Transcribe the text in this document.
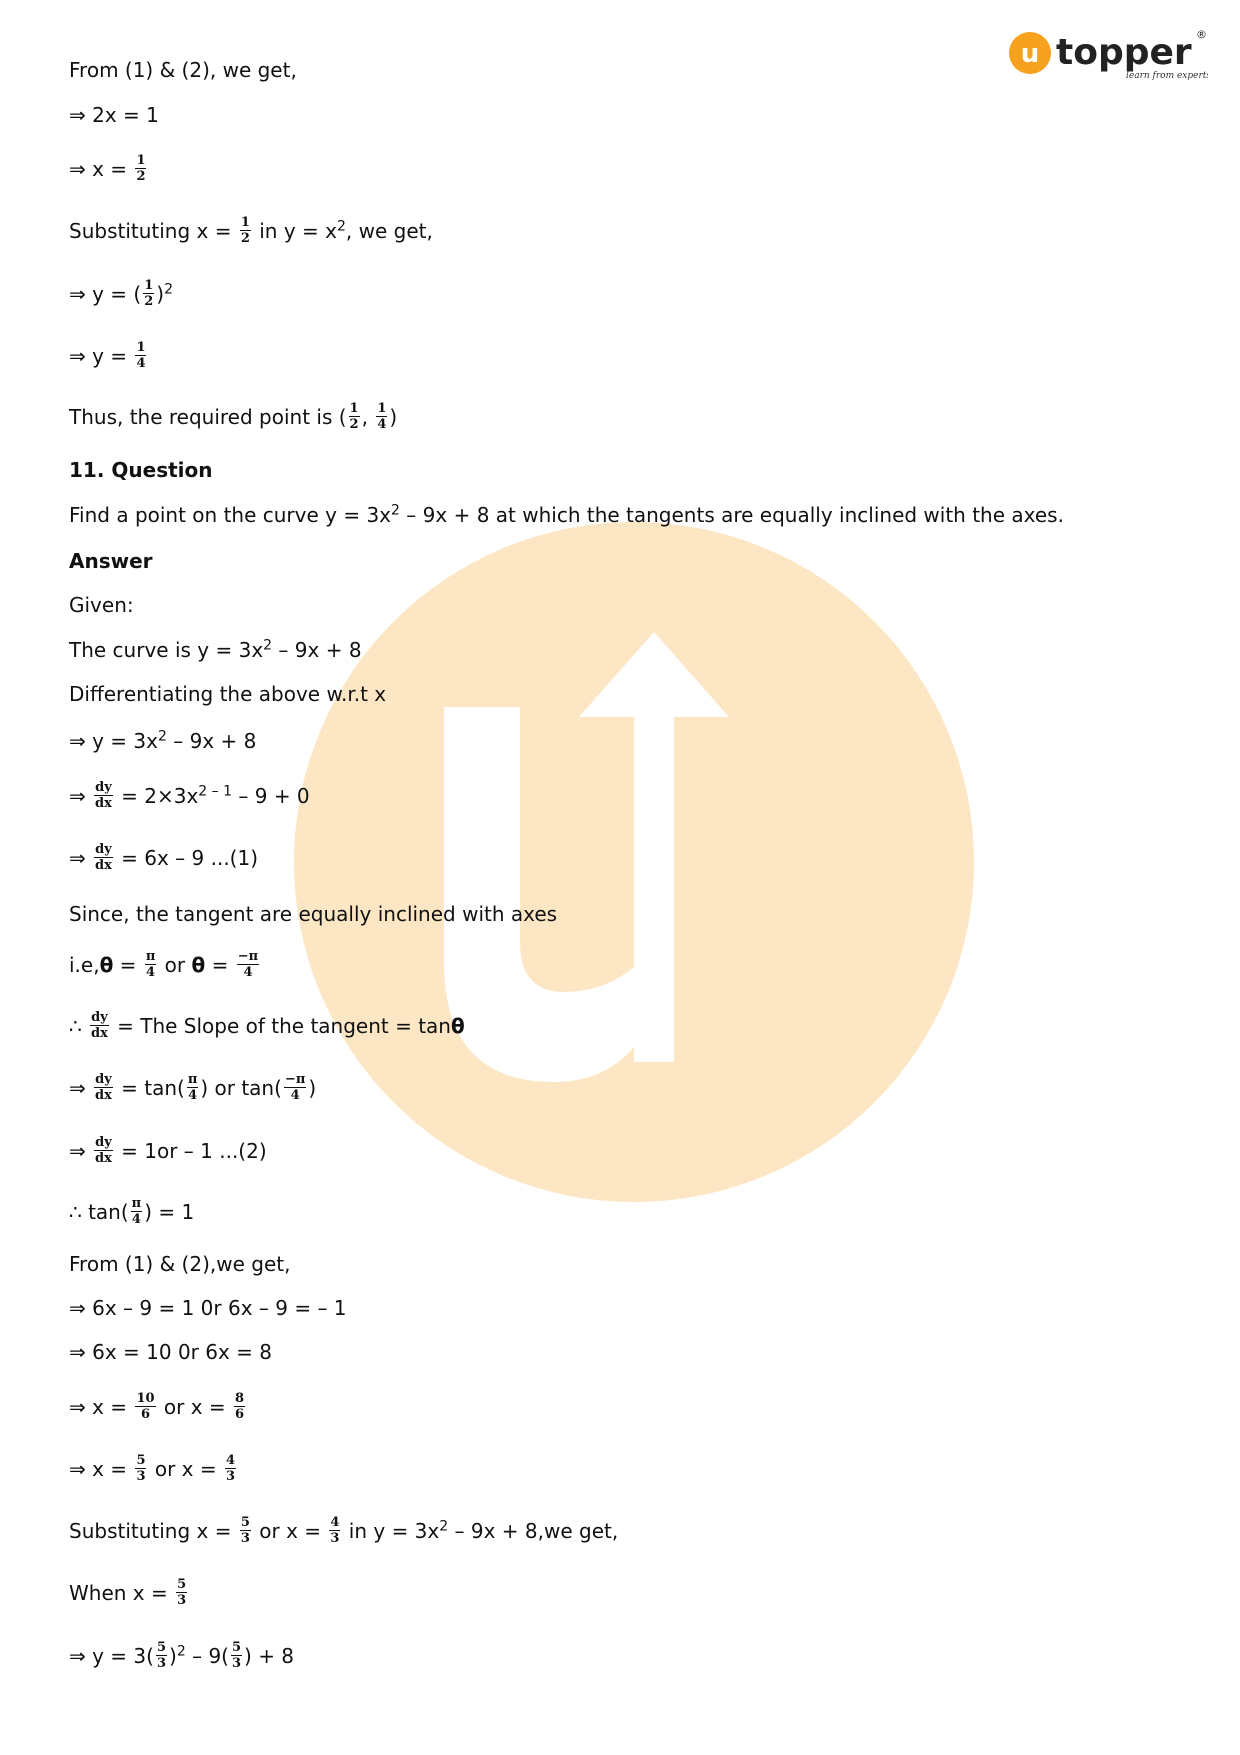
u topper ®
learn from experts
From (1) & (2), we get,
⇒ 2x = 1
⇒ $x = \frac{1}{2}$
Substituting $x = \frac{1}{2}$ in $y = x^2$, we get,
⇒ y = ( $\frac{1}{2} )^2$
⇒ $y = \frac{1}{4}$
Thus, the required point is ( $\frac{1}{2}$ , $\frac{1}{4}$ )
11. Question
Find a point on the curve $y = 3x^2 - 9x + 8$ at which the tangents are equally inclined with the axes.
Answer
Given:
The curve is $y = 3x^2 - 9x + 8$
Differentiating the above w.r.t x
⇒ $y = 3x^2 - 9x + 8$
⇒ $\frac{dy}{dx} = 2\times 3x^{2 - 1} - 9 + 0$
⇒ $\frac{dy}{dx} = 6x - 9$ ...(1)
Since, the tangent are equally inclined with axes
$i.e,\theta = \frac{\pi}{4}$ or $\theta = \frac{-\pi}{4}$
∴ $\frac{dy}{dx}$ = The Slope of the tangent = tanθ
⇒ $\frac{dy}{dx} = \tan( \frac{\pi}{4}$ ) or $\tan( \frac{-\pi}{4}$ )
⇒ $\frac{dy}{dx} = 1or - 1$ ...(2)
∴ $\tan( \frac{\pi}{4}$ ) = 1
From (1) & (2),we get,
⇒ 6x – 9 = 1 0r 6x – 9 = – 1
⇒ 6x = 10 0r 6x = 8
⇒ $x = \frac{10}{6}$ or $x = \frac{8}{6}$
⇒ $x = \frac{5}{3}$ or $x = \frac{4}{3}$
Substituting $x = \frac{5}{3}$ or $x = \frac{4}{3}$ in $y = 3x^2 - 9x + 8,we$ get,
When $x = \frac{5}{3}$
⇒ $y = 3( \frac{5}{3} )^2 - 9( \frac{5}{3}$ ) + 8
